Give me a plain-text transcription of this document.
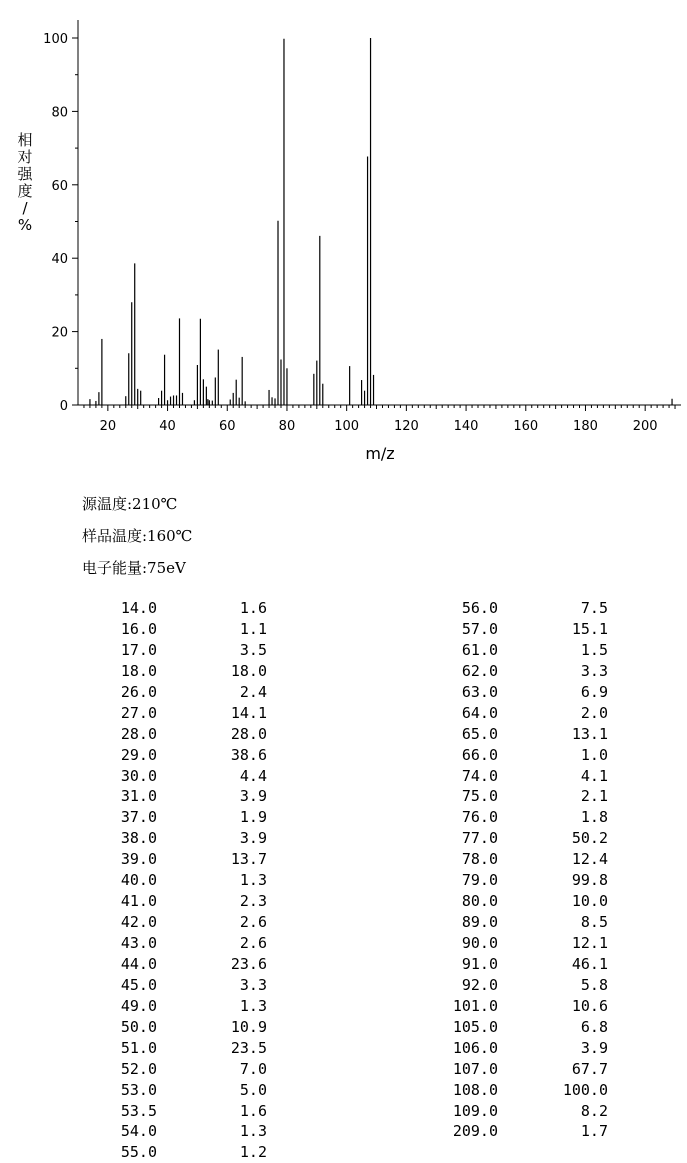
0
20
40
60
80
100
20	40	60	80	100	120	140	160	180	200
相对强度/ %
m/z
源温度:210℃
样品温度:160℃
电子能量:75eV
14.0	1.6
16.0	1.1
17.0	3.5
18.0	18.0
26.0	2.4
27.0	14.1
28.0	28.0
29.0	38.6
30.0	4.4
31.0	3.9
37.0	1.9
38.0	3.9
39.0	13.7
40.0	1.3
41.0	2.3
42.0	2.6
43.0	2.6
44.0	23.6
45.0	3.3
49.0	1.3
50.0	10.9
51.0	23.5
52.0	7.0
53.0	5.0
53.5	1.6
54.0	1.3
55.0	1.2
56.0	7.5
57.0	15.1
61.0	1.5
62.0	3.3
63.0	6.9
64.0	2.0
65.0	13.1
66.0	1.0
74.0	4.1
75.0	2.1
76.0	1.8
77.0	50.2
78.0	12.4
79.0	99.8
80.0	10.0
89.0	8.5
90.0	12.1
91.0	46.1
92.0	5.8
101.0	10.6
105.0	6.8
106.0	3.9
107.0	67.7
108.0	100.0
109.0	8.2
209.0	1.7
